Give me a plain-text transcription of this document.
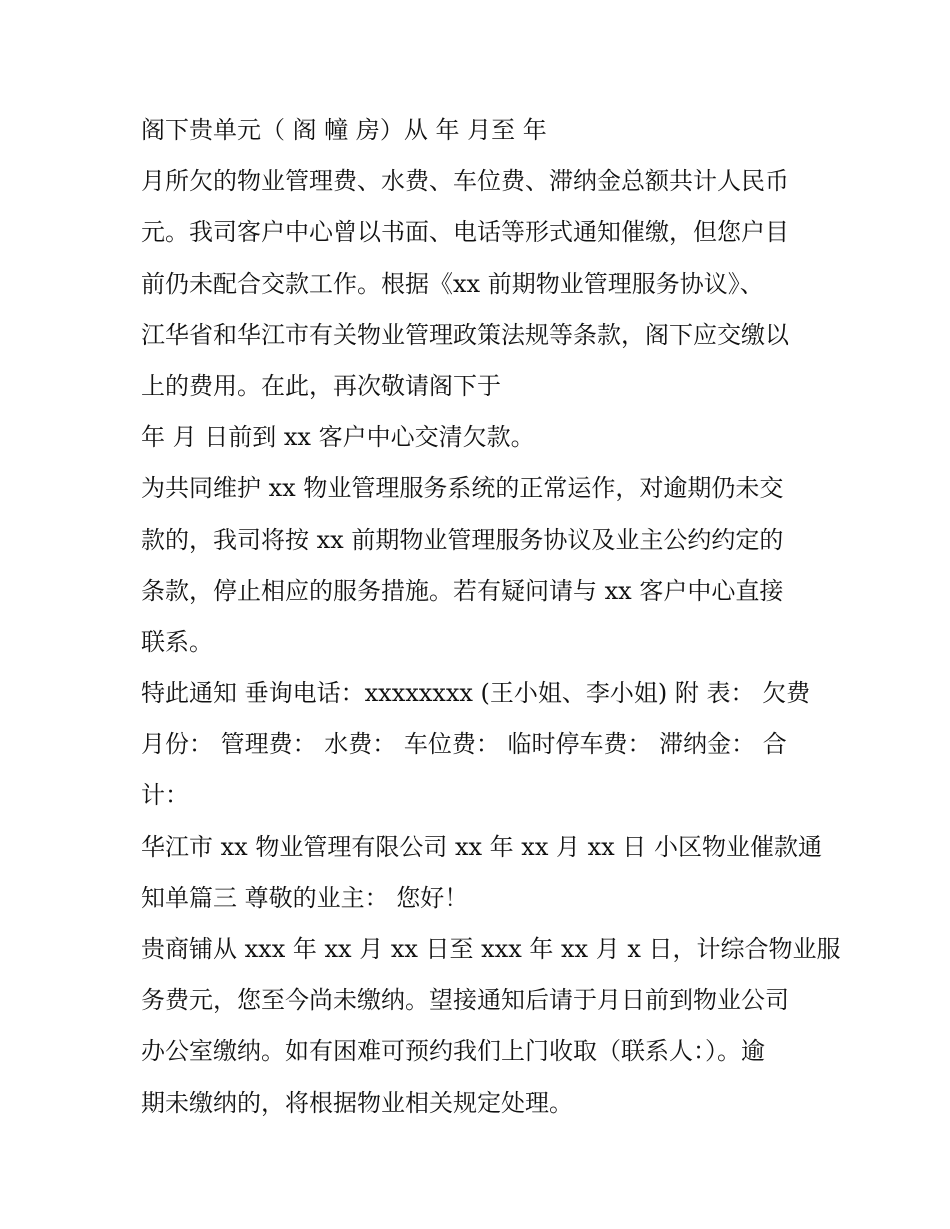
阁下贵单元（ 阁 幢 房）从 年 月至 年
月所欠的物业管理费、水费、车位费、滞纳金总额共计人民币
元。我司客户中心曾以书面、电话等形式通知催缴，但您户目
前仍未配合交款工作。根据《xx 前期物业管理服务协议》、
江华省和华江市有关物业管理政策法规等条款，阁下应交缴以
上的费用。在此，再次敬请阁下于
年 月 日前到 xx 客户中心交清欠款。
为共同维护 xx 物业管理服务系统的正常运作，对逾期仍未交
款的，我司将按 xx 前期物业管理服务协议及业主公约约定的
条款，停止相应的服务措施。若有疑问请与 xx 客户中心直接
联系。
特此通知 垂询电话：xxxxxxxx (王小姐、李小姐) 附 表： 欠费
月份： 管理费： 水费： 车位费： 临时停车费： 滞纳金： 合
计：
华江市 xx 物业管理有限公司 xx 年 xx 月 xx 日 小区物业催款通
知单篇三 尊敬的业主： 您好！
贵商铺从 xxx 年 xx 月 xx 日至 xxx 年 xx 月 x 日，计综合物业服
务费元，您至今尚未缴纳。望接通知后请于月日前到物业公司
办公室缴纳。如有困难可预约我们上门收取（联系人：）。逾
期未缴纳的，将根据物业相关规定处理。
